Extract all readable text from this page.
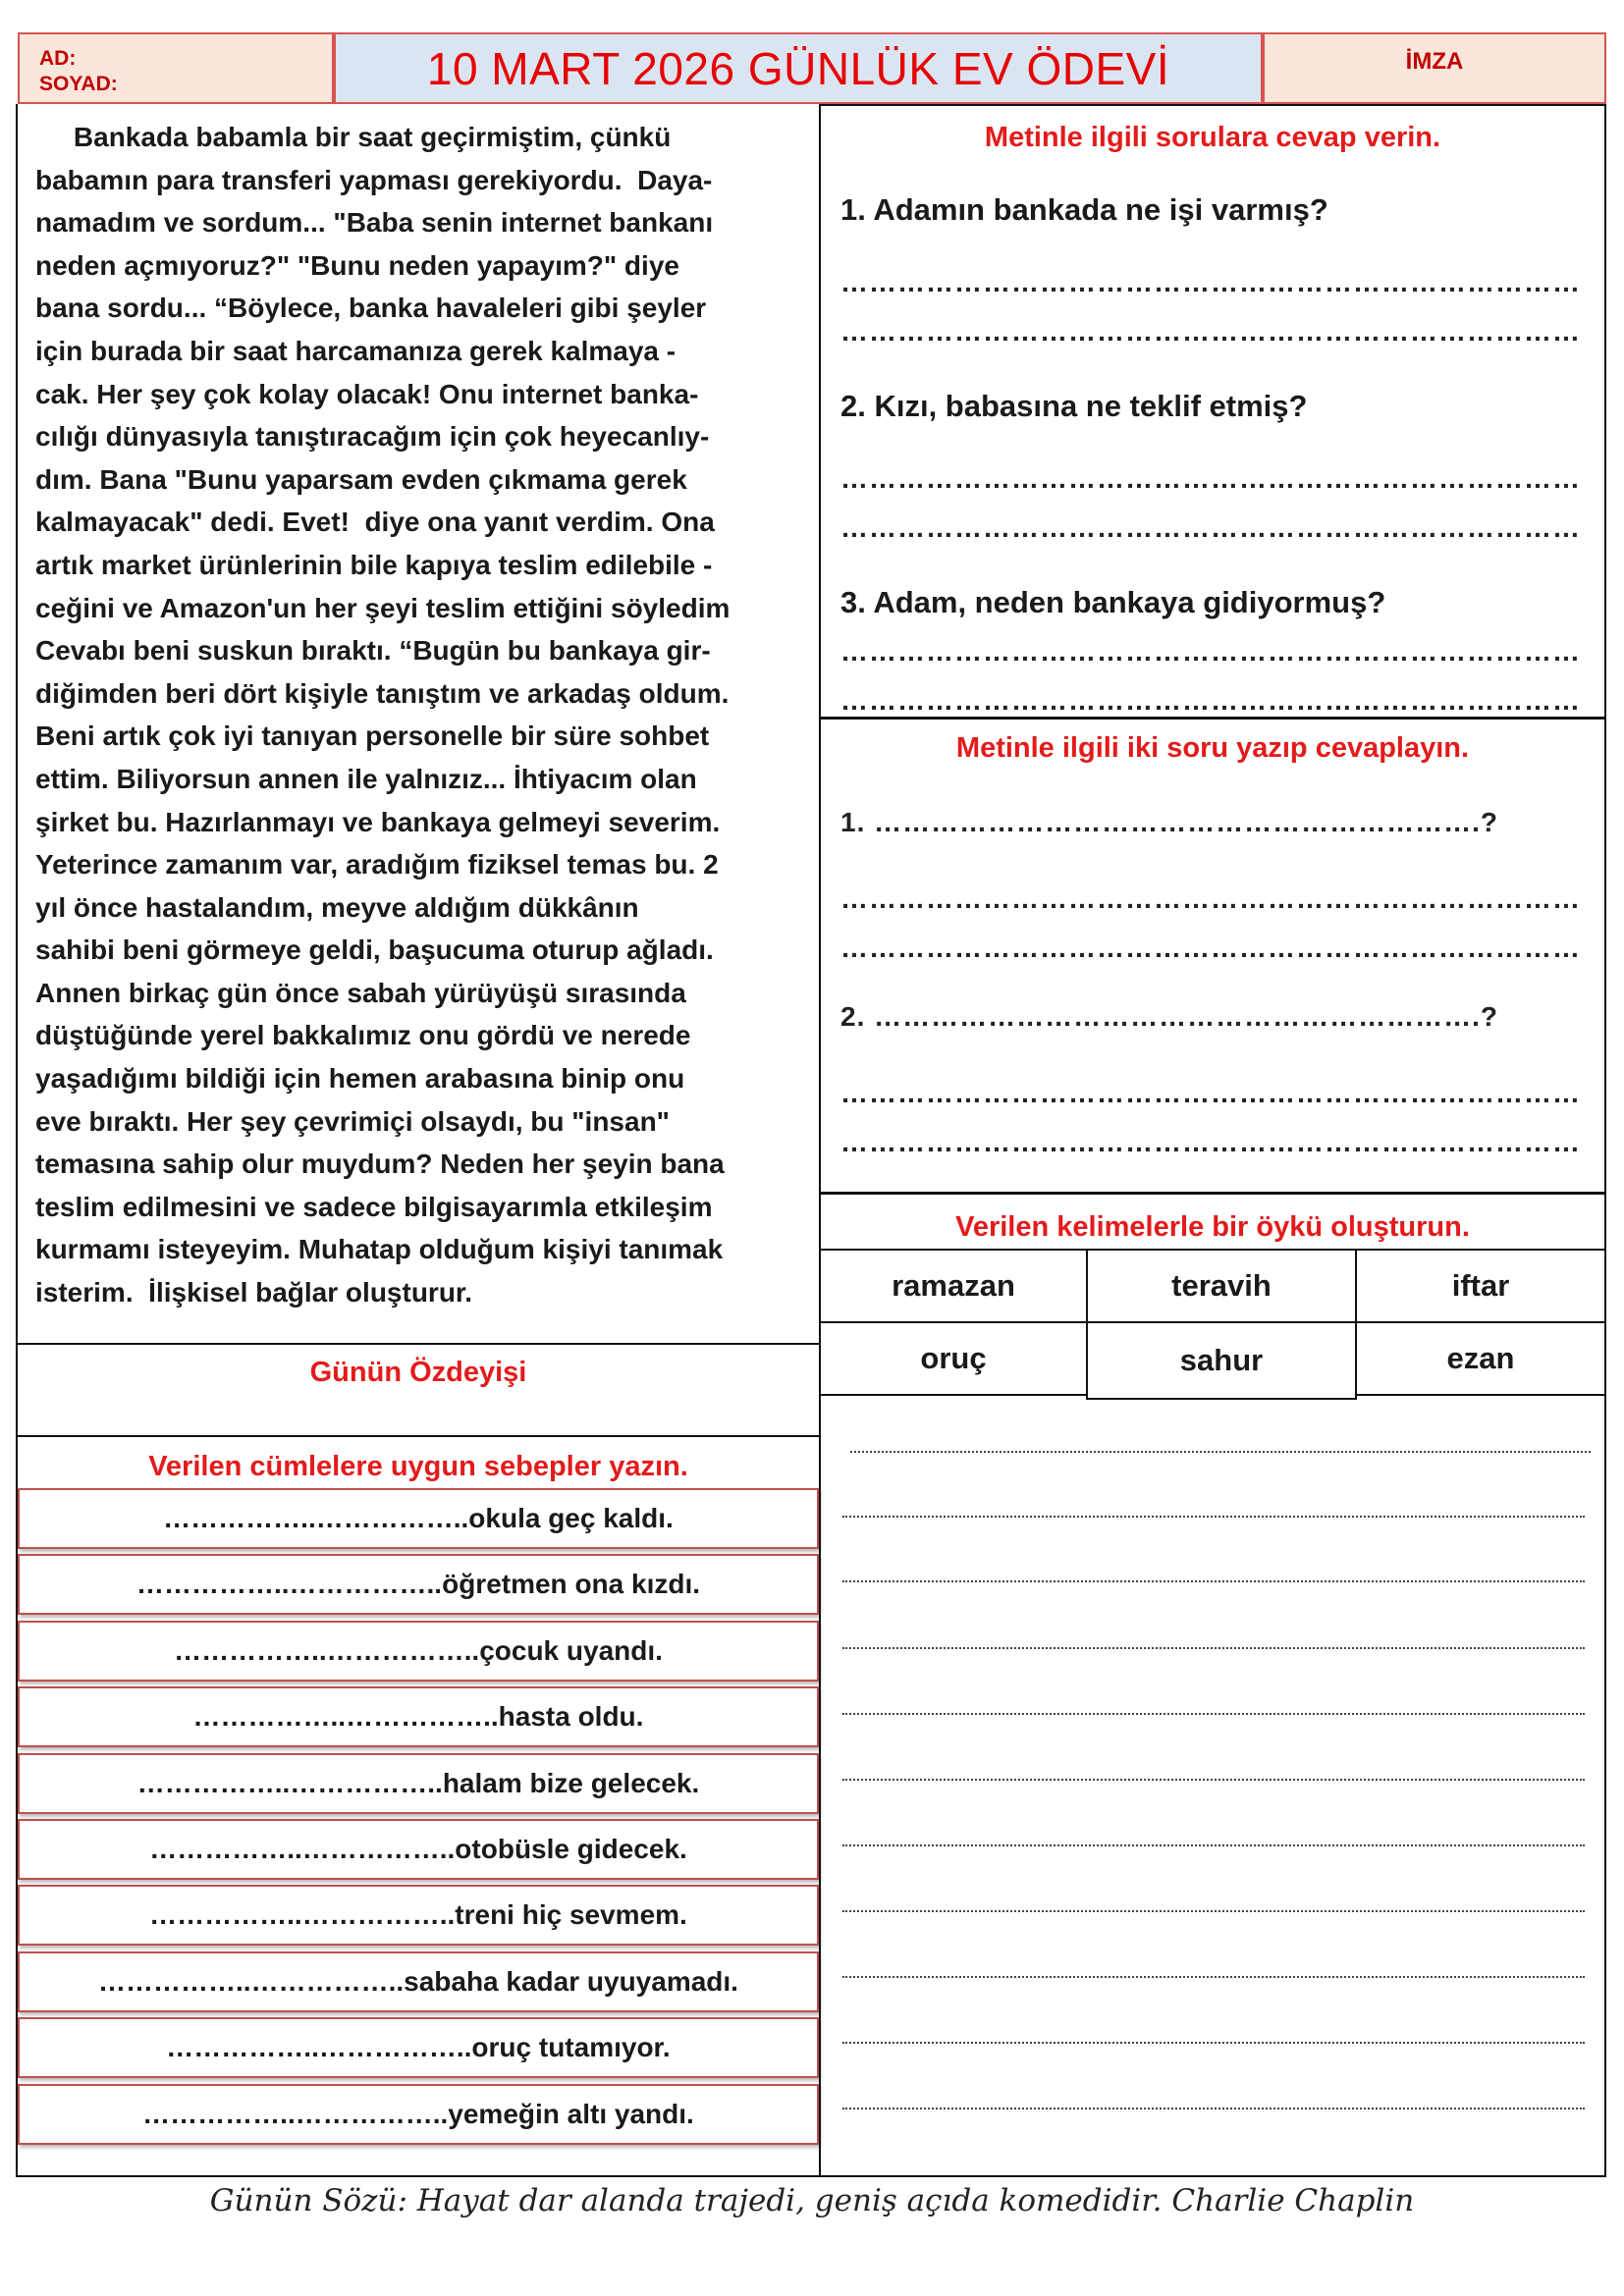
AD:
SOYAD:	10 MART 2026 GÜNLÜK EV ÖDEVİ	İMZA
Bankada babamla bir saat geçirmiştim, çünkü
babamın para transferi yapması gerekiyordu.  Daya-
namadım ve sordum... "Baba senin internet bankanı
neden açmıyoruz?" "Bunu neden yapayım?" diye
bana sordu... “Böylece, banka havaleleri gibi şeyler
için burada bir saat harcamanıza gerek kalmaya -
cak. Her şey çok kolay olacak! Onu internet banka-
cılığı dünyasıyla tanıştıracağım için çok heyecanlıy-
dım. Bana "Bunu yaparsam evden çıkmama gerek
kalmayacak" dedi. Evet!  diye ona yanıt verdim. Ona
artık market ürünlerinin bile kapıya teslim edilebile -
ceğini ve Amazon'un her şeyi teslim ettiğini söyledim
Cevabı beni suskun bıraktı. “Bugün bu bankaya gir-
diğimden beri dört kişiyle tanıştım ve arkadaş oldum.
Beni artık çok iyi tanıyan personelle bir süre sohbet
ettim. Biliyorsun annen ile yalnızız... İhtiyacım olan
şirket bu. Hazırlanmayı ve bankaya gelmeyi severim.
Yeterince zamanım var, aradığım fiziksel temas bu. 2
yıl önce hastalandım, meyve aldığım dükkânın
sahibi beni görmeye geldi, başucuma oturup ağladı.
Annen birkaç gün önce sabah yürüyüşü sırasında
düştüğünde yerel bakkalımız onu gördü ve nerede
yaşadığımı bildiği için hemen arabasına binip onu
eve bıraktı. Her şey çevrimiçi olsaydı, bu "insan"
temasına sahip olur muydum? Neden her şeyin bana
teslim edilmesini ve sadece bilgisayarımla etkileşim
kurmamı isteyeyim. Muhatap olduğum kişiyi tanımak
isterim.  İlişkisel bağlar oluşturur.
Günün Özdeyişi
Verilen cümlelere uygun sebepler yazın.
……………..……………..okula geç kaldı.
……………..……………..öğretmen ona kızdı.
……………..……………..çocuk uyandı.
……………..……………..hasta oldu.
……………..……………..halam bize gelecek.
……………..……………..otobüsle gidecek.
……………..……………..treni hiç sevmem.
……………..……………..sabaha kadar uyuyamadı.
……………..……………..oruç tutamıyor.
……………..……………..yemeğin altı yandı.
Metinle ilgili sorulara cevap verin.
1. Adamın bankada ne işi varmış?
……………………………………………………………………
……………………………………………………………………
2. Kızı, babasına ne teklif etmiş?
……………………………………………………………………
……………………………………………………………………
3. Adam, neden bankaya gidiyormuş?
……………………………………………………………………
……………………………………………………………………
Metinle ilgili iki soru yazıp cevaplayın.
1. ……………………………………………………….?
……………………………………………………………………
……………………………………………………………………
2. ……………………………………………………….?
……………………………………………………………………
……………………………………………………………………
Verilen kelimelerle bir öykü oluşturun.
ramazan	teravih	iftar
oruç	sahur	ezan
Günün Sözü: Hayat dar alanda trajedi, geniş açıda komedidir. Charlie Chaplin
